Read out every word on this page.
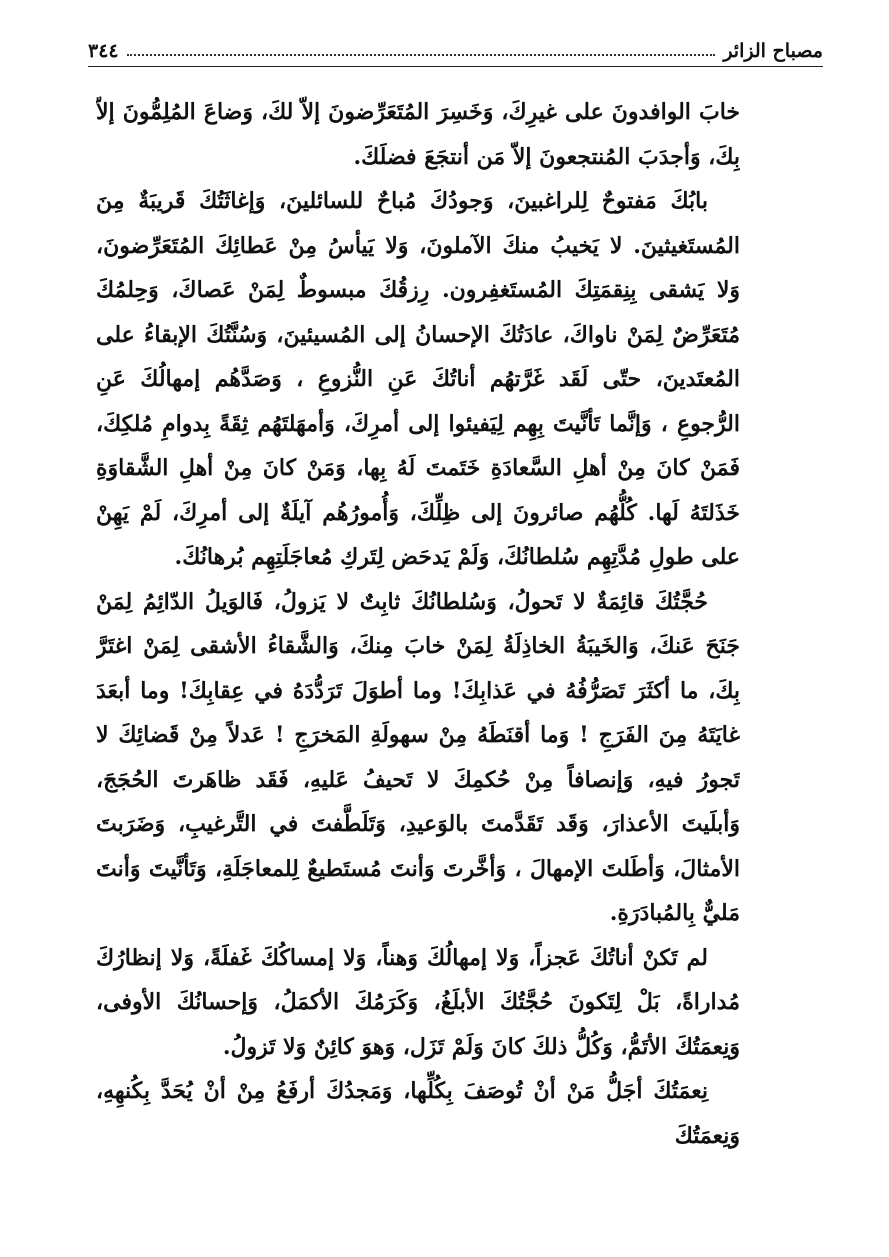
مصباح الزائر
٣٤٤

خابَ الوافدونَ على غيرِكَ، وَخَسِرَ المُتَعَرِّضونَ إلاّ لكَ، وَضاعَ المُلِمُّونَ إلاّ بِكَ، وَأجدَبَ المُنتجعونَ إلاّ مَن أنتجَعَ فضلَكَ.

بابُكَ مَفتوحٌ لِلراغبينَ، وَجودُكَ مُباحٌ للسائلينَ، وَإغاثَتُكَ قَريبَةٌ مِنَ المُستَغيثينَ. لا يَخيبُ منكَ الآملونَ، وَلا يَيأسُ مِنْ عَطائِكَ المُتَعَرِّضونَ، وَلا يَشقى بِنِقمَتِكَ المُستَغفِرون. رِزقُكَ مبسوطٌ لِمَنْ عَصاكَ، وَحِلمُكَ مُتَعَرِّضٌ لِمَنْ ناواكَ، عادَتُكَ الإحسانُ إلى المُسيئينَ، وَسُنَّتُكَ الإبقاءُ على المُعتَدينَ، حتّى لَقَد غَرَّتهُم أناتُكَ عَنِ النُّزوعِ ، وَصَدَّهُم إمهالُكَ عَنِ الرُّجوعِ ، وَإنَّما تَأنَّيتَ بِهِم لِيَفيئوا إلى أمرِكَ، وَأمهَلتَهُم ثِقَةً بِدوامِ مُلكِكَ، فَمَنْ كانَ مِنْ أهلِ السَّعادَةِ خَتَمتَ لَهُ بِها، وَمَنْ كانَ مِنْ أهلِ الشَّقاوَةِ خَذَلتَهُ لَها. كُلُّهُم صائرونَ إلى ظِلِّكَ، وَأُمورُهُم آيلَةٌ إلى أمرِكَ، لَمْ يَهِنْ على طولِ مُدَّتِهِم سُلطانُكَ، وَلَمْ يَدحَض لِتَركِ مُعاجَلَتِهِم بُرهانُكَ.

حُجَّتُكَ قائِمَةٌ لا تَحولُ، وَسُلطانُكَ ثابِتٌ لا يَزولُ، فَالوَيلُ الدّائِمُ لِمَنْ جَنَحَ عَنكَ، وَالخَيبَةُ الخاذِلَةُ لِمَنْ خابَ مِنكَ، وَالشَّقاءُ الأشقى لِمَنْ اغتَرَّ بِكَ، ما أكثَرَ تَصَرُّفُهُ في عَذابِكَ! وما أطوَلَ تَرَدُّدَهُ في عِقابِكَ! وما أبعَدَ غايَتَهُ مِنَ الفَرَجِ ! وَما أقنَطَهُ مِنْ سهولَةِ المَخرَجِ ! عَدلاً مِنْ قَضائِكَ لا تَجورُ فيهِ، وَإنصافاً مِنْ حُكمِكَ لا تَحيفُ عَليهِ، فَقَد ظاهَرتَ الحُجَجَ، وَأبلَيتَ الأعذارَ، وَقَد تَقَدَّمتَ بالوَعيدِ، وَتَلَطَّفتَ في التَّرغيبِ، وَضَرَبتَ الأمثالَ، وَأطَلتَ الإمهالَ ، وَأخَّرتَ وَأنتَ مُستَطيعٌ لِلمعاجَلَةِ، وَتَأنَّيتَ وَأنتَ مَليٌّ بِالمُبادَرَةِ.

لم تَكنْ أناتُكَ عَجزاً، وَلا إمهالُكَ وَهناً، وَلا إمساكُكَ غَفلَةً، وَلا إنظارُكَ مُداراةً، بَلْ لِتَكونَ حُجَّتُكَ الأبلَغُ، وَكَرَمُكَ الأكمَلُ، وَإحسانُكَ الأوفى، وَنِعمَتُكَ الأتَمُّ، وَكُلُّ ذلكَ كانَ وَلَمْ تَزَل، وَهوَ كائِنٌ وَلا تَزولُ.

نِعمَتُكَ أجَلُّ مَنْ أنْ تُوصَفَ بِكُلِّها، وَمَجدُكَ أرفَعُ مِنْ أنْ يُحَدَّ بِكُنهِهِ، وَنِعمَتُكَ
